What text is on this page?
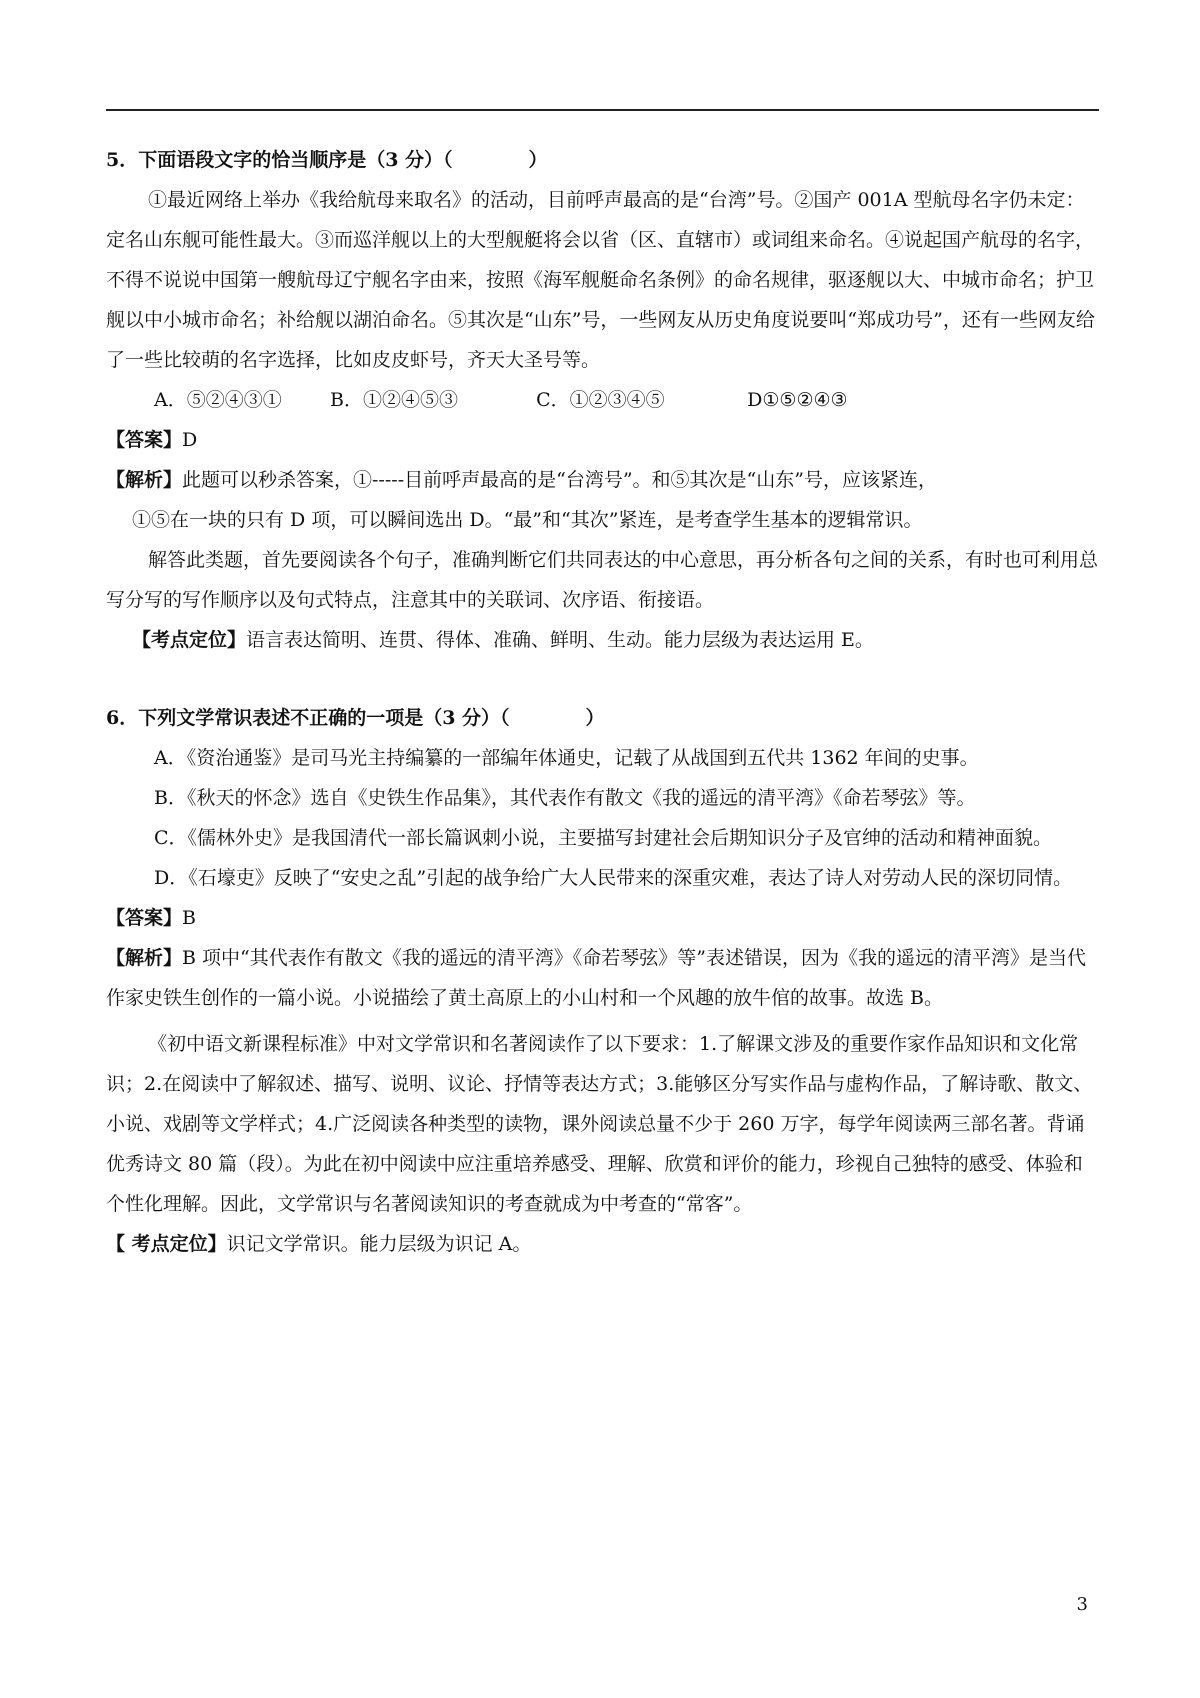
5．下面语段文字的恰当顺序是（3 分）（　　　　）

①最近网络上举办《我给航母来取名》的活动，目前呼声最高的是“台湾”号。②国产 001A 型航母名字仍未定：定名山东舰可能性最大。③而巡洋舰以上的大型舰艇将会以省（区、直辖市）或词组来命名。④说起国产航母的名字，不得不说说中国第一艘航母辽宁舰名字由来，按照《海军舰艇命名条例》的命名规律，驱逐舰以大、中城市命名；护卫舰以中小城市命名；补给舰以湖泊命名。⑤其次是“山东”号，一些网友从历史角度说要叫“郑成功号”，还有一些网友给了一些比较萌的名字选择，比如皮皮虾号，齐天大圣号等。

A．⑤②④③①	B．①②④⑤③	C．①②③④⑤	D①⑤②④③

【答案】D

【解析】此题可以秒杀答案，①-----目前呼声最高的是“台湾号”。和⑤其次是“山东”号，应该紧连，

①⑤在一块的只有 D 项，可以瞬间选出 D。“最”和“其次”紧连，是考查学生基本的逻辑常识。

解答此类题，首先要阅读各个句子，准确判断它们共同表达的中心意思，再分析各句之间的关系，有时也可利用总写分写的写作顺序以及句式特点，注意其中的关联词、次序语、衔接语。

【考点定位】语言表达简明、连贯、得体、准确、鲜明、生动。能力层级为表达运用 E。

6．下列文学常识表述不正确的一项是（3 分）（　　　　）

A．《资治通鉴》是司马光主持编纂的一部编年体通史，记载了从战国到五代共 1362 年间的史事。

B．《秋天的怀念》选自《史铁生作品集》，其代表作有散文《我的遥远的清平湾》《命若琴弦》等。

C．《儒林外史》是我国清代一部长篇讽刺小说，主要描写封建社会后期知识分子及官绅的活动和精神面貌。

D．《石壕吏》反映了“安史之乱”引起的战争给广大人民带来的深重灾难，表达了诗人对劳动人民的深切同情。

【答案】B

【解析】B 项中“其代表作有散文《我的遥远的清平湾》《命若琴弦》等”表述错误，因为《我的遥远的清平湾》是当代作家史铁生创作的一篇小说。小说描绘了黄土高原上的小山村和一个风趣的放牛倌的故事。故选 B。

《初中语文新课程标准》中对文学常识和名著阅读作了以下要求：1.了解课文涉及的重要作家作品知识和文化常识；2.在阅读中了解叙述、描写、说明、议论、抒情等表达方式；3.能够区分写实作品与虚构作品，了解诗歌、散文、小说、戏剧等文学样式；4.广泛阅读各种类型的读物，课外阅读总量不少于 260 万字，每学年阅读两三部名著。背诵优秀诗文 80 篇（段）。为此在初中阅读中应注重培养感受、理解、欣赏和评价的能力，珍视自己独特的感受、体验和个性化理解。因此，文学常识与名著阅读知识的考查就成为中考查的“常客”。

【 考点定位】识记文学常识。能力层级为识记 A。

3
